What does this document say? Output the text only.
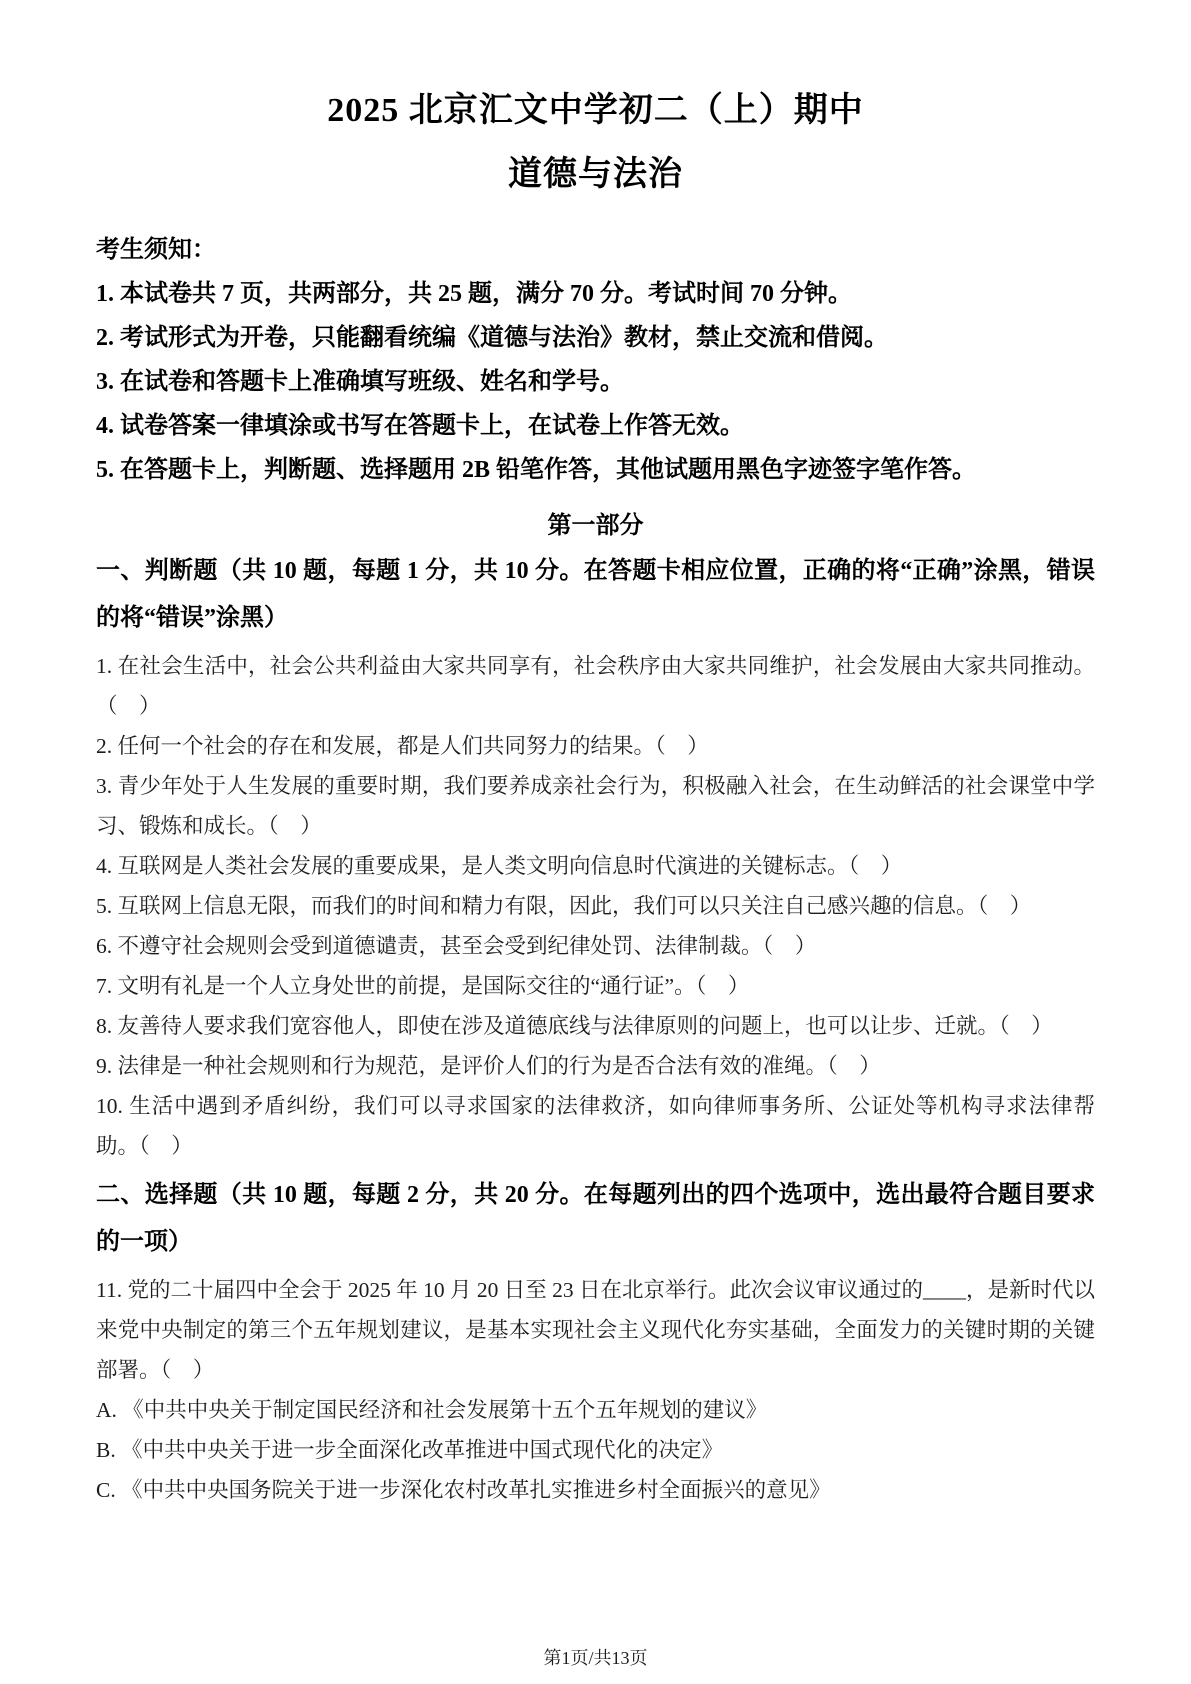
2025 北京汇文中学初二（上）期中
道德与法治
考生须知：
1. 本试卷共 7 页，共两部分，共 25 题，满分 70 分。考试时间 70 分钟。
2. 考试形式为开卷，只能翻看统编《道德与法治》教材，禁止交流和借阅。
3. 在试卷和答题卡上准确填写班级、姓名和学号。
4. 试卷答案一律填涂或书写在答题卡上，在试卷上作答无效。
5. 在答题卡上，判断题、选择题用 2B 铅笔作答，其他试题用黑色字迹签字笔作答。
第一部分
一、判断题（共 10 题，每题 1 分，共 10 分。在答题卡相应位置，正确的将“正确”涂黑，错误的将“错误”涂黑）
1. 在社会生活中，社会公共利益由大家共同享有，社会秩序由大家共同维护，社会发展由大家共同推动。（　）
2. 任何一个社会的存在和发展，都是人们共同努力的结果。（　）
3. 青少年处于人生发展的重要时期，我们要养成亲社会行为，积极融入社会，在生动鲜活的社会课堂中学习、锻炼和成长。（　）
4. 互联网是人类社会发展的重要成果，是人类文明向信息时代演进的关键标志。（　）
5. 互联网上信息无限，而我们的时间和精力有限，因此，我们可以只关注自己感兴趣的信息。（　）
6. 不遵守社会规则会受到道德谴责，甚至会受到纪律处罚、法律制裁。（　）
7. 文明有礼是一个人立身处世的前提，是国际交往的“通行证”。（　）
8. 友善待人要求我们宽容他人，即使在涉及道德底线与法律原则的问题上，也可以让步、迁就。（　）
9. 法律是一种社会规则和行为规范，是评价人们的行为是否合法有效的准绳。（　）
10. 生活中遇到矛盾纠纷，我们可以寻求国家的法律救济，如向律师事务所、公证处等机构寻求法律帮助。（　）
二、选择题（共 10 题，每题 2 分，共 20 分。在每题列出的四个选项中，选出最符合题目要求的一项）
11. 党的二十届四中全会于 2025 年 10 月 20 日至 23 日在北京举行。此次会议审议通过的____，是新时代以来党中央制定的第三个五年规划建议，是基本实现社会主义现代化夯实基础，全面发力的关键时期的关键部署。（　）
A. 《中共中央关于制定国民经济和社会发展第十五个五年规划的建议》
B. 《中共中央关于进一步全面深化改革推进中国式现代化的决定》
C. 《中共中央国务院关于进一步深化农村改革扎实推进乡村全面振兴的意见》
第1页/共13页
